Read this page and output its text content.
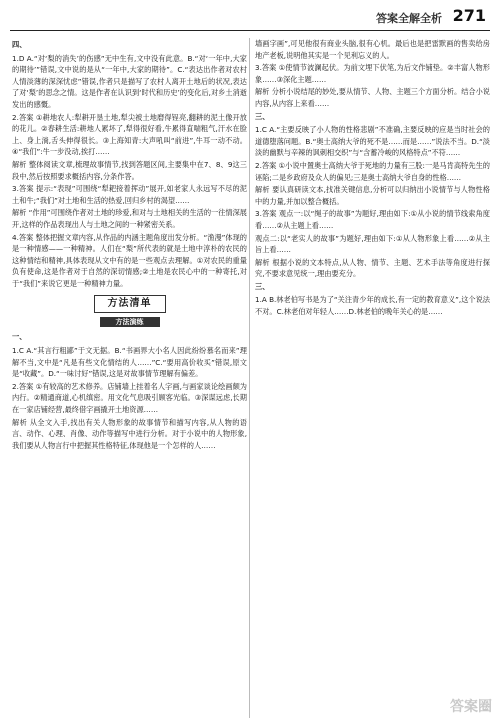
答案全解全析 271

四、

1.D A.“对‘梨的消失’的伤感”无中生有,文中没有此意。B.“对‘一年中,大家的期待’”错误,文中说的是从“一年中,大家的期待”。C.“表达出作者对农村人情淡薄的深深忧虑”错误,作者只是描写了农村人离开土地后的状况,表达了对‘梨’的思念之情。这是作者在认识到‘时代和历史’的变化后,对乡土消逝发出的感慨。

2.答案 ①耕地农人:犁耕开垦土地,犁尖被土地磨得锃亮,翻耕的泥土像开放的花儿。②春耕生活:耕地人累坏了,犁得很好看,牛累得直喘粗气,汗水在脸上、身上淌,舌头伸得很长。③上海知青:大声吼叫“前进”,牛耳一动不动。④“我们”:牛一步没动,挨打……

解析 整体阅读文章,梳理故事情节,找到答题区间,主要集中在7、8、9这三段中,然后按照要求概括内容,分条作答。

3.答案 提示:“表现”可围绕“犁耙接着挥动”展开,如老家人永远写不尽的泥土和牛;“我们”对土地和生活的热爱,回归乡村的渴望……

解析 “作用”可围绕作者对土地的珍爱,和对与土地相关的生活的一往情深展开,这样的作品表现出人与土地之间的一种紧密关系。

4.答案 整体把握文章内容,从作品的内涵主题角度出发分析。“渔漫”体现的是一种情感——一种精神。人们在“梨”所代表的就是土地中淳朴的农民的这种情结和精神,具体表现从文中有的是一些观点去理解。①对农民的重量负有使命,这是作者对于自然的深切情感;②土地是农民心中的一种寄托,对于“我们”来说它更是一种精神力量。

方法清单
方法演练

一、

1.C A.“其言行粗鄙”于文无据。B.“书画界大小名人因此纷纷慕名而来”理解不当,文中是“凡是有些文化情结的人……”C.“要用高价收买”错误,原文是“收藏”。D.“一味讨好”错误,这是对故事情节理解有偏差。

2.答案 ①有较高的艺术修养。店铺墙上挂着名人字画,与画家谈论绘画颇为内行。②精通商道,心机缜密。用文化气息吸引顾客光临。③深谋远虑,长期在一家店铺经营,最终借字画撬开土地资源……

解析 从全文入手,找出有关人物形象的故事情节和描写内容,从人物的语言、动作、心理、肖像、动作等描写中进行分析。对于小说中的人物形象,我们要从人物言行中把握其性格特征,体现他是一个怎样的人……

墙画字画”,可见他很有商业头脑,很有心机。最后也是把雷默画的售卖给房地产老板,说明他其实是一个见利忘义的人。

3.答案 ①使情节波澜起伏。为前文埋下伏笔,为后文作铺垫。②丰富人物形象……③深化主题……

解析 分析小说结尾的妙处,要从情节、人物、主题三个方面分析。结合小说内容,从内容上来看……

三、

1.C A.“主要反映了小人物的性格悲剧”不准确,主要反映的应是当时社会的道德堕落问题。B.“奥士高纳大爷的死不是……而是……”说法不当。D.“淡淡的幽默与辛辣的讽刺相交织”与“含蓄冷峻的风格特点”不符……

2.答案 ①小说中置奥士高纳大爷于死地的力量有三股:一是马肯高特先生的诬陷;二是乡政府及众人的偏见;三是奥士高纳大爷自身的性格……

解析 要认真研读文本,找准关键信息,分析可以归纳出小说情节与人物性格中的力量,并加以整合概括。

3.答案 观点一:以“绳子的故事”为题好,理由如下:①从小说的情节线索角度看……②从主题上看……

观点二:以“老实人的故事”为题好,理由如下:①从人物形象上看……②从主旨上看……

解析 根据小说的文本特点,从人物、情节、主题、艺术手法等角度进行探究,不要求意见统一,理由要充分。

三、

1.A B.林老伯写书是为了“关注青少年的成长,有一定的教育意义”,这个说法不对。C.林老伯对年轻人……D.林老伯的晚年关心的是……

答案圈
